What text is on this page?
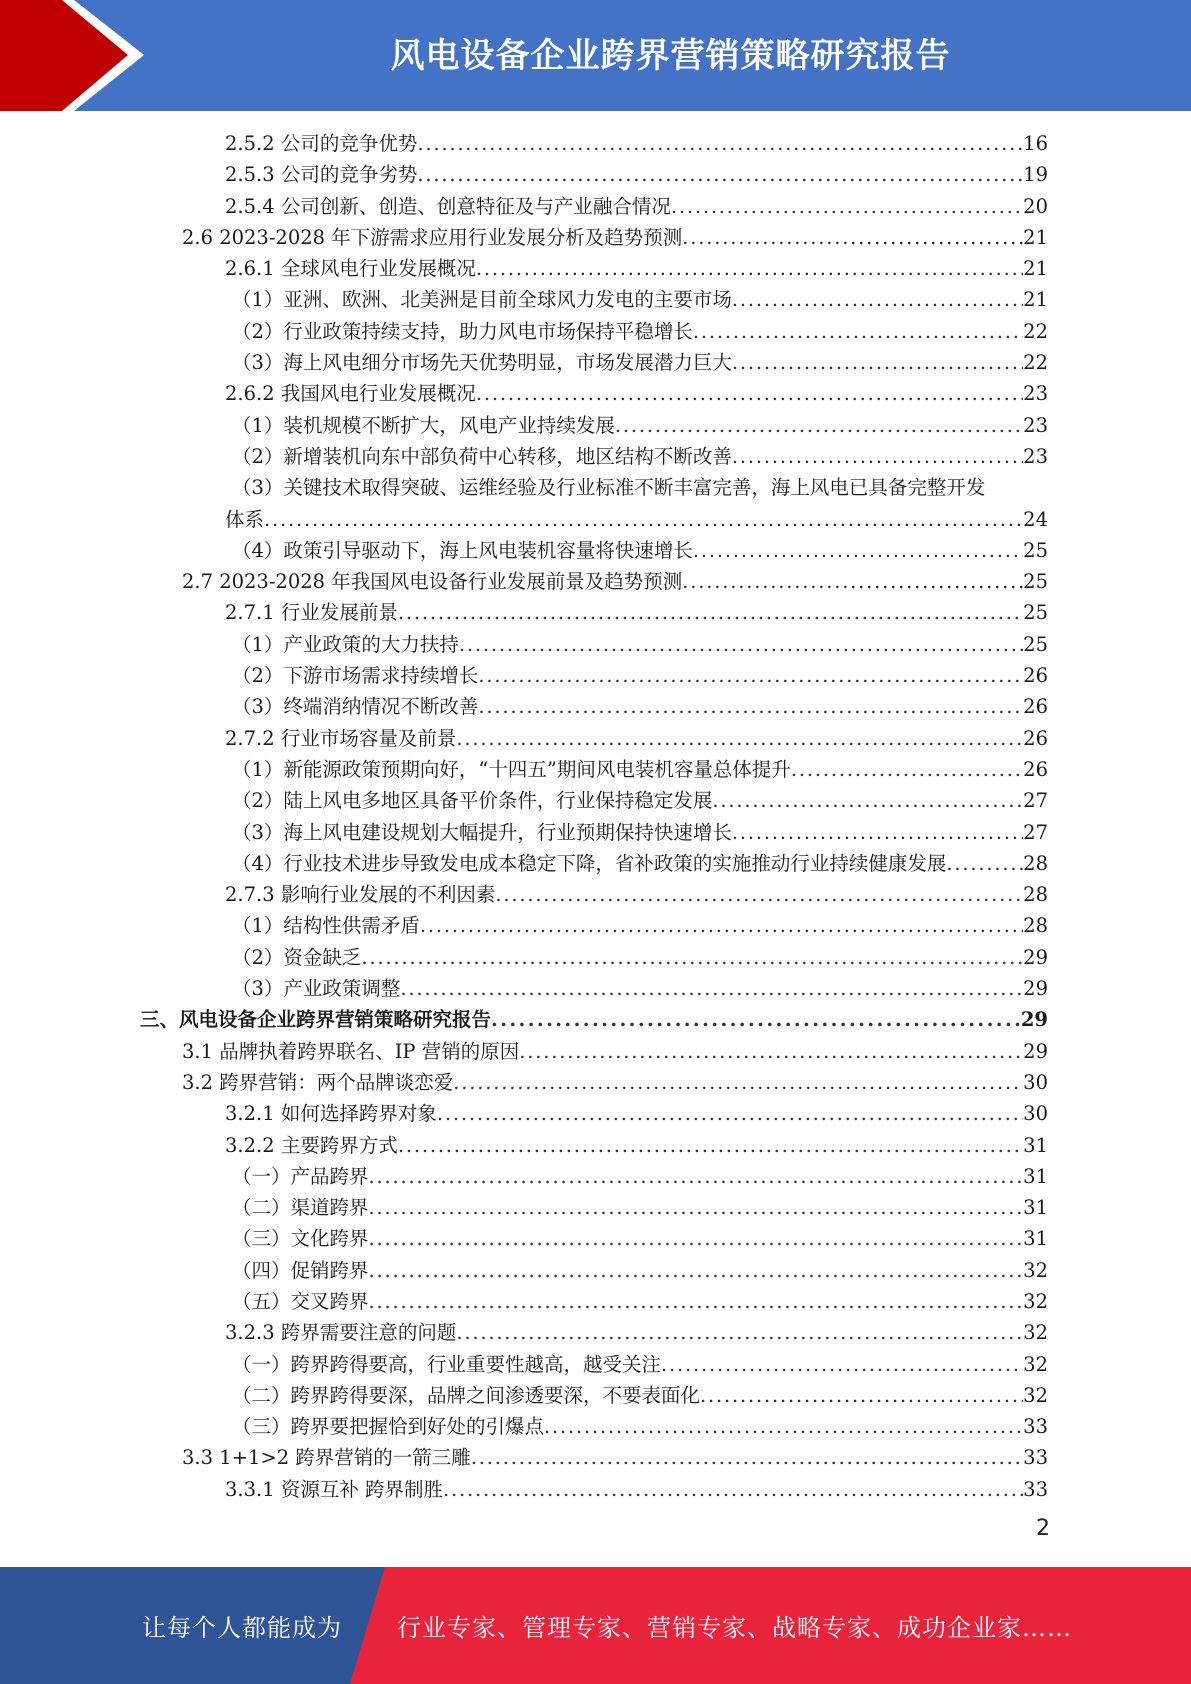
风电设备企业跨界营销策略研究报告
2.5.2 公司的竞争优势 . . .	16
2.5.3 公司的竞争劣势 . . .	19
2.5.4 公司创新、创造、创意特征及与产业融合情况 . . .	20
2.6 2023-2028 年下游需求应用行业发展分析及趋势预测 . . .	21
2.6.1 全球风电行业发展概况 . . .	21
（1）亚洲、欧洲、北美洲是目前全球风力发电的主要市场 . . .	21
（2）行业政策持续支持，助力风电市场保持平稳增长 . . .	22
（3）海上风电细分市场先天优势明显，市场发展潜力巨大 . . .	22
2.6.2 我国风电行业发展概况 . . .	23
（1）装机规模不断扩大，风电产业持续发展 . . .	23
（2）新增装机向东中部负荷中心转移，地区结构不断改善 . . .	23
（3）关键技术取得突破、运维经验及行业标准不断丰富完善，海上风电已具备完整开发
体系 . . .	24
（4）政策引导驱动下，海上风电装机容量将快速增长 . . .	25
2.7 2023-2028 年我国风电设备行业发展前景及趋势预测 . . .	25
2.7.1 行业发展前景 . . .	25
（1）产业政策的大力扶持 . . .	25
（2）下游市场需求持续增长 . . .	26
（3）终端消纳情况不断改善 . . .	26
2.7.2 行业市场容量及前景 . . .	26
（1）新能源政策预期向好，“十四五”期间风电装机容量总体提升 . . .	26
（2）陆上风电多地区具备平价条件，行业保持稳定发展 . . .	27
（3）海上风电建设规划大幅提升，行业预期保持快速增长 . . .	27
（4）行业技术进步导致发电成本稳定下降，省补政策的实施推动行业持续健康发展 . . .	28
2.7.3 影响行业发展的不利因素 . . .	28
（1）结构性供需矛盾 . . .	28
（2）资金缺乏 . . .	29
（3）产业政策调整 . . .	29
三、风电设备企业跨界营销策略研究报告 . . .	29
3.1 品牌执着跨界联名、IP 营销的原因 . . .	29
3.2 跨界营销：两个品牌谈恋爱 . . .	30
3.2.1 如何选择跨界对象 . . .	30
3.2.2 主要跨界方式 . . .	31
（一）产品跨界 . . .	31
（二）渠道跨界 . . .	31
（三）文化跨界 . . .	31
（四）促销跨界 . . .	32
（五）交叉跨界 . . .	32
3.2.3 跨界需要注意的问题 . . .	32
（一）跨界跨得要高，行业重要性越高，越受关注 . . .	32
（二）跨界跨得要深，品牌之间渗透要深，不要表面化 . . .	32
（三）跨界要把握恰到好处的引爆点 . . .	33
3.3 1+1>2 跨界营销的一箭三雕 . . .	33
3.3.1 资源互补 跨界制胜 . . .	33
2
让每个人都能成为 行业专家、管理专家、营销专家、战略专家、成功企业家……
